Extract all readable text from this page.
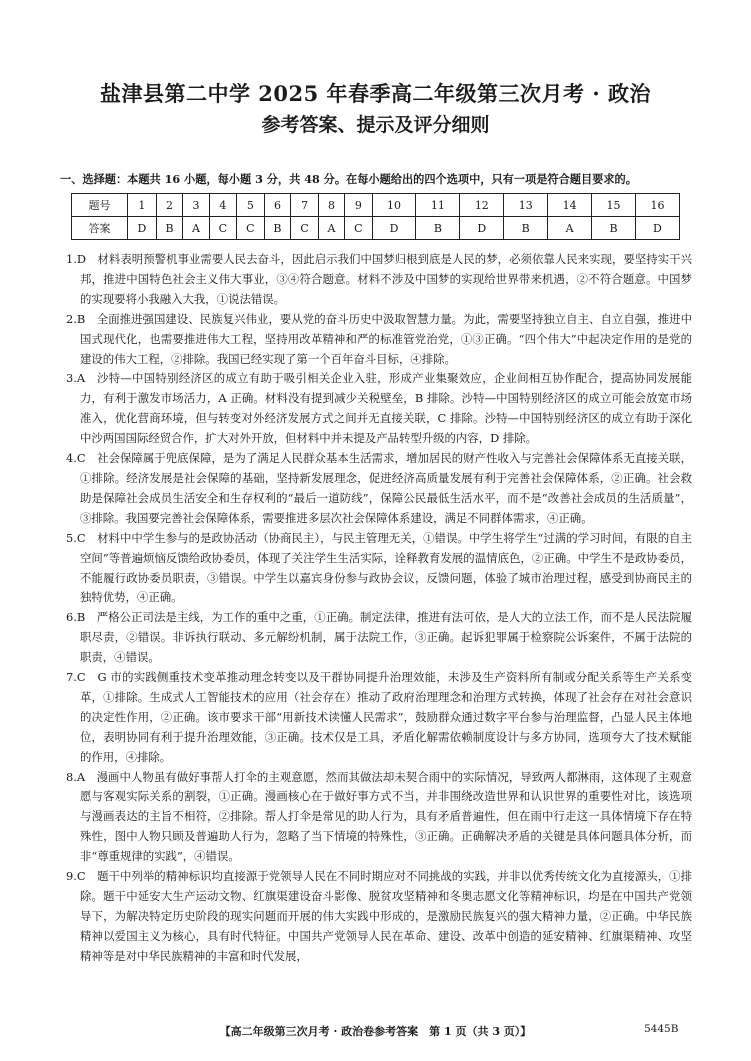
盐津县第二中学 2025 年春季高二年级第三次月考 · 政治
参考答案、提示及评分细则
一、选择题：本题共 16 小题，每小题 3 分，共 48 分。在每小题给出的四个选项中，只有一项是符合题目要求的。
题号	1	2	3	4	5	6	7	8	9	10	11	12	13	14	15	16
答案	D	B	A	C	C	B	C	A	C	D	B	D	B	A	B	D

1.D　材料表明预警机事业需要人民去奋斗，因此启示我们中国梦归根到底是人民的梦，必须依靠人民来实现，要坚持实干兴邦，推进中国特色社会主义伟大事业，③④符合题意。材料不涉及中国梦的实现给世界带来机遇，②不符合题意。中国梦的实现要将小我融入大我，①说法错误。

2.B　全面推进强国建设、民族复兴伟业，要从党的奋斗历史中汲取智慧力量。为此，需要坚持独立自主、自立自强，推进中国式现代化，也需要推进伟大工程，坚持用改革精神和严的标准管党治党，①③正确。“四个伟大”中起决定作用的是党的建设的伟大工程，②排除。我国已经实现了第一个百年奋斗目标，④排除。

3.A　沙特—中国特别经济区的成立有助于吸引相关企业入驻，形成产业集聚效应，企业间相互协作配合，提高协同发展能力，有利于激发市场活力，A 正确。材料没有提到减少关税壁垒，B 排除。沙特—中国特别经济区的成立可能会放宽市场准入，优化营商环境，但与转变对外经济发展方式之间并无直接关联，C 排除。沙特—中国特别经济区的成立有助于深化中沙两国国际经贸合作，扩大对外开放，但材料中并未提及产品转型升级的内容，D 排除。

4.C　社会保障属于兜底保障，是为了满足人民群众基本生活需求，增加居民的财产性收入与完善社会保障体系无直接关联，①排除。经济发展是社会保障的基础，坚持新发展理念，促进经济高质量发展有利于完善社会保障体系，②正确。社会救助是保障社会成员生活安全和生存权利的“最后一道防线”，保障公民最低生活水平，而不是“改善社会成员的生活质量”，③排除。我国要完善社会保障体系，需要推进多层次社会保障体系建设，满足不同群体需求，④正确。

5.C　材料中中学生参与的是政协活动（协商民主），与民主管理无关，①错误。中学生将学生“过满的学习时间，有限的自主空间”等普遍烦恼反馈给政协委员，体现了关注学生生活实际，诠释教育发展的温情底色，②正确。中学生不是政协委员，不能履行政协委员职责，③错误。中学生以嘉宾身份参与政协会议，反馈问题，体验了城市治理过程，感受到协商民主的独特优势，④正确。

6.B　严格公正司法是主线，为工作的重中之重，①正确。制定法律，推进有法可依，是人大的立法工作，而不是人民法院履职尽责，②错误。非诉执行联动、多元解纷机制，属于法院工作，③正确。起诉犯罪属于检察院公诉案件，不属于法院的职责，④错误。

7.C　G 市的实践侧重技术变革推动理念转变以及干群协同提升治理效能，未涉及生产资料所有制或分配关系等生产关系变革，①排除。生成式人工智能技术的应用（社会存在）推动了政府治理理念和治理方式转换，体现了社会存在对社会意识的决定性作用，②正确。该市要求干部“用新技术读懂人民需求”，鼓励群众通过数字平台参与治理监督，凸显人民主体地位，表明协同有利于提升治理效能，③正确。技术仅是工具，矛盾化解需依赖制度设计与多方协同，选项夸大了技术赋能的作用，④排除。

8.A　漫画中人物虽有做好事帮人打伞的主观意愿，然而其做法却未契合雨中的实际情况，导致两人都淋雨，这体现了主观意愿与客观实际关系的割裂，①正确。漫画核心在于做好事方式不当，并非围绕改造世界和认识世界的重要性对比，该选项与漫画表达的主旨不相符，②排除。帮人打伞是常见的助人行为，具有矛盾普遍性，但在雨中行走这一具体情境下存在特殊性，图中人物只顾及普遍助人行为，忽略了当下情境的特殊性，③正确。正确解决矛盾的关键是具体问题具体分析，而非“尊重规律的实践”，④错误。

9.C　题干中列举的精神标识均直接源于党领导人民在不同时期应对不同挑战的实践，并非以优秀传统文化为直接源头，①排除。题干中延安大生产运动文物、红旗渠建设奋斗影像、脱贫攻坚精神和冬奥志愿文化等精神标识，均是在中国共产党领导下，为解决特定历史阶段的现实问题而开展的伟大实践中形成的，是激励民族复兴的强大精神力量，②正确。中华民族精神以爱国主义为核心，具有时代特征。中国共产党领导人民在革命、建设、改革中创造的延安精神、红旗渠精神、攻坚精神等是对中华民族精神的丰富和时代发展，

【高二年级第三次月考 · 政治卷参考答案　第 1 页（共 3 页）】	5445B
